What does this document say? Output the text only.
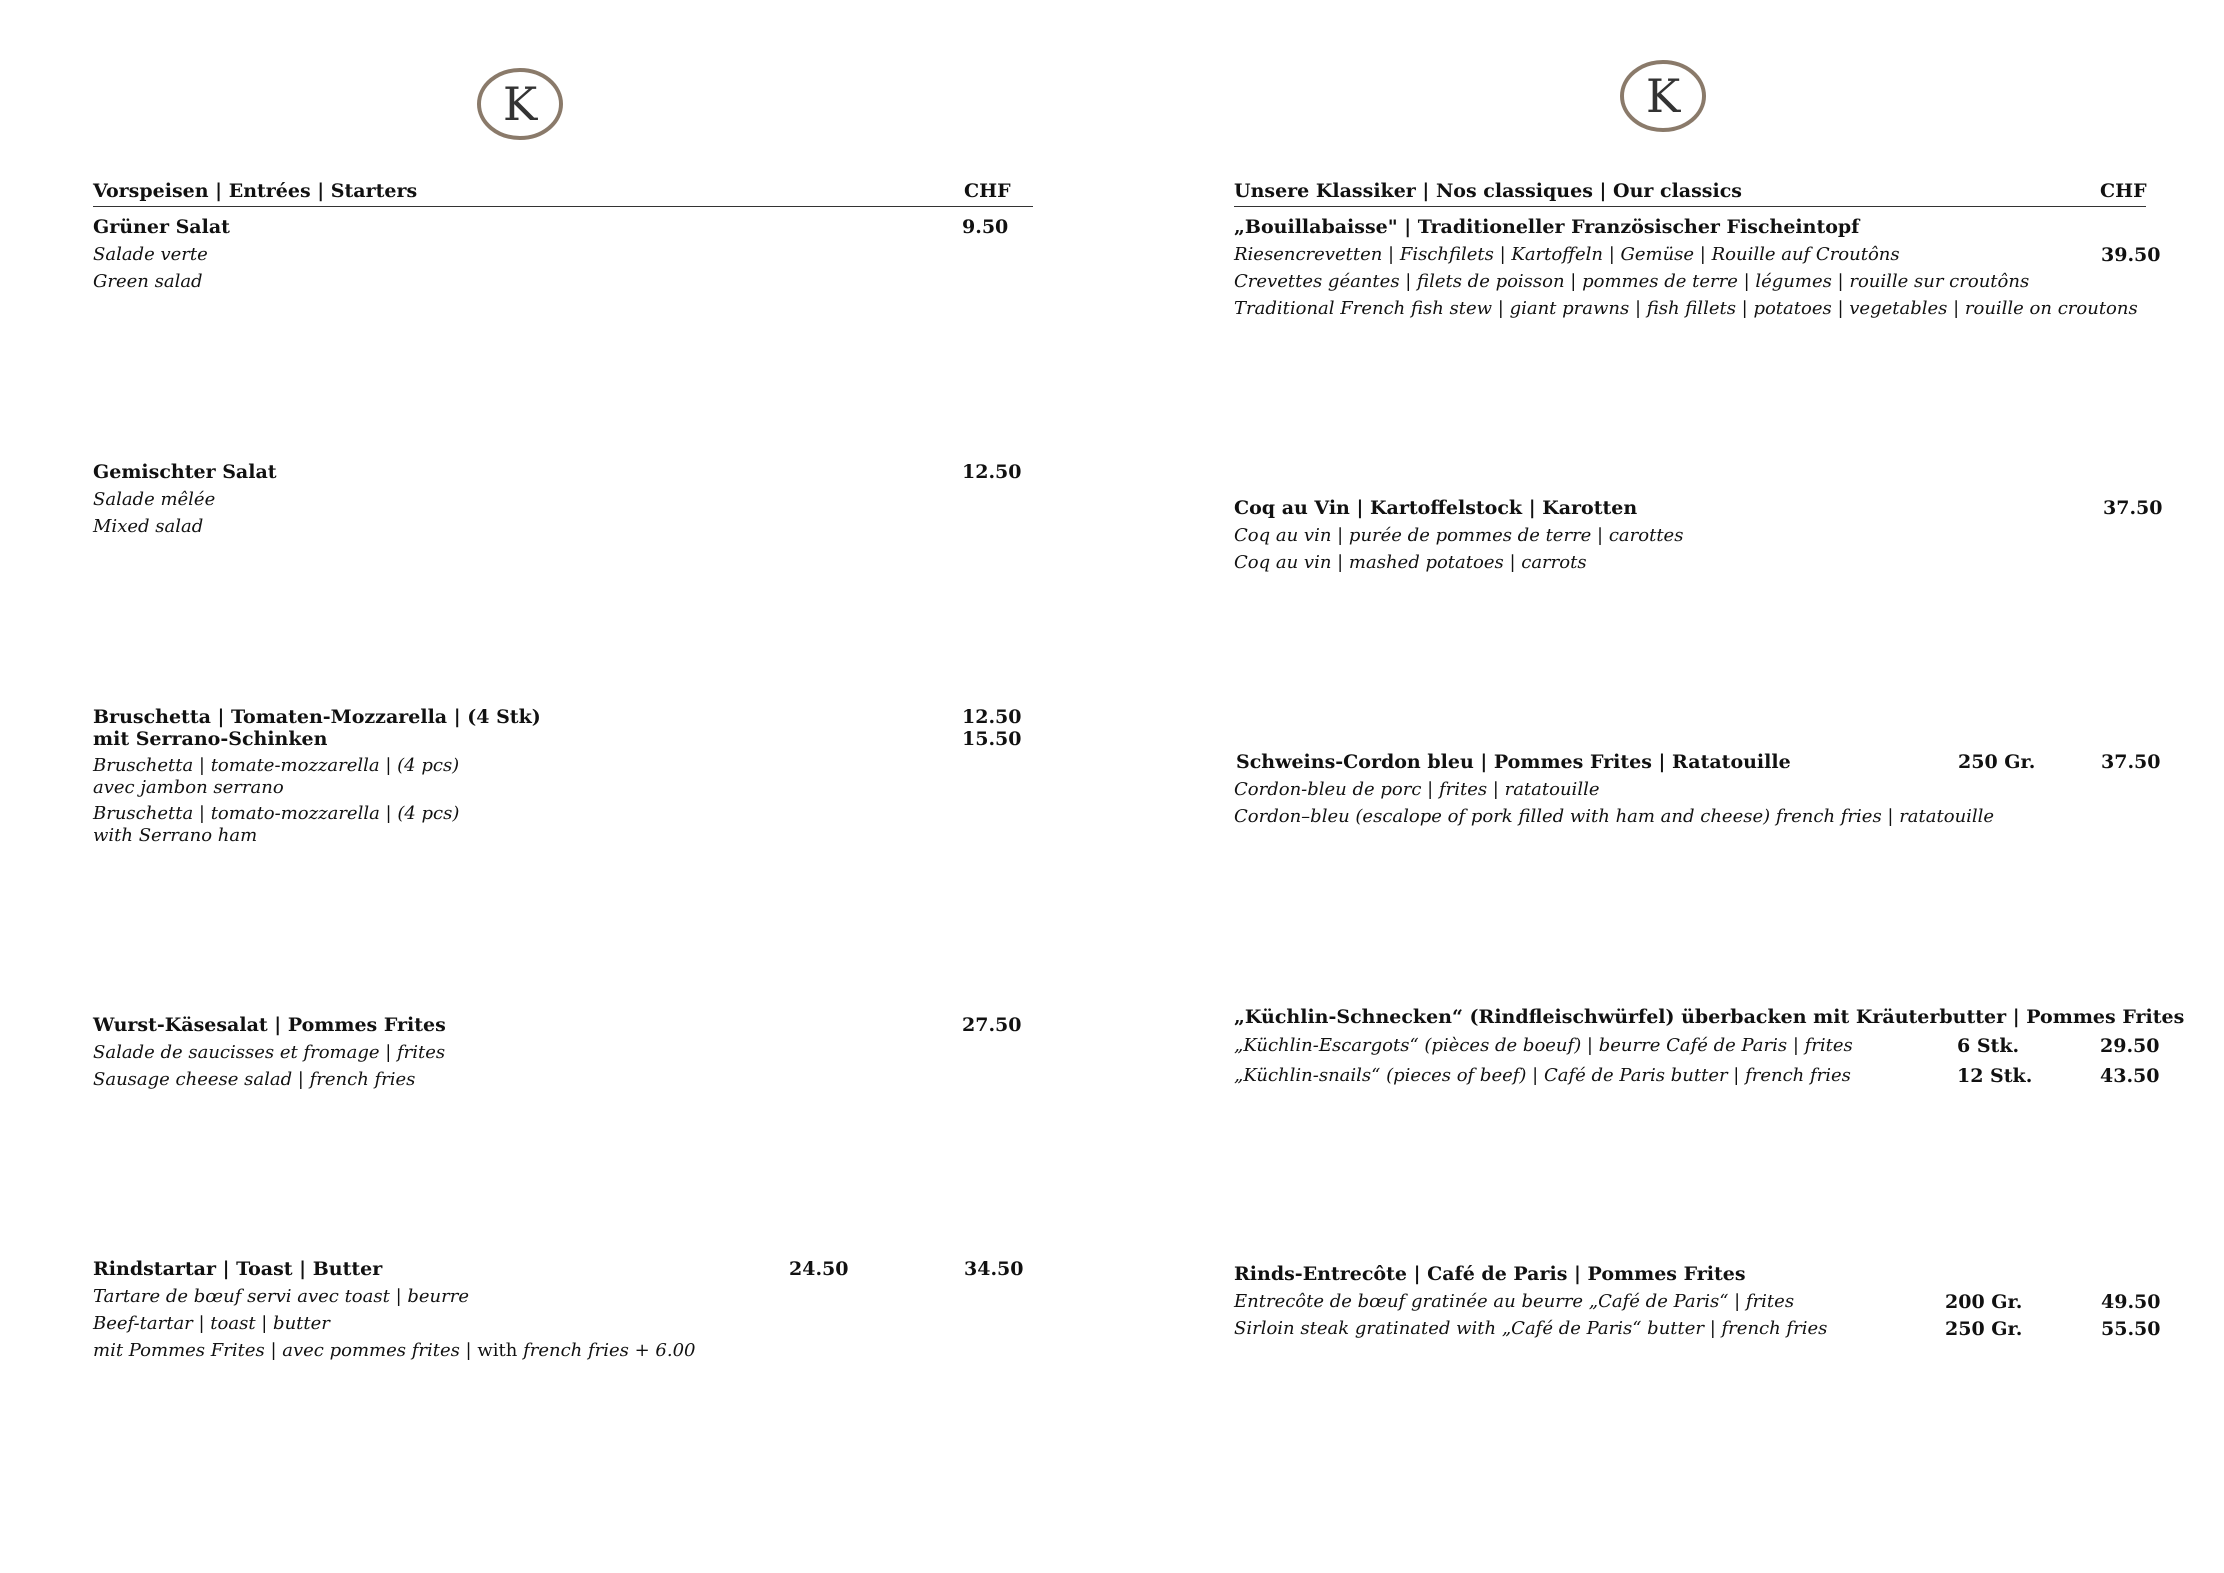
K
Vorspeisen | Entrées | Starters	CHF
Grüner Salat	9.50
Salade verte
Green salad
Gemischter Salat	12.50
Salade mêlée
Mixed salad
Bruschetta | Tomaten-Mozzarella | (4 Stk)	12.50
mit Serrano-Schinken	15.50
Bruschetta | tomate-mozzarella | (4 pcs)
avec jambon serrano
Bruschetta | tomato-mozzarella | (4 pcs)
with Serrano ham
Wurst-Käsesalat | Pommes Frites	27.50
Salade de saucisses et fromage | frites
Sausage cheese salad | french fries
Rindstartar | Toast | Butter	24.50	34.50
Tartare de bœuf servi avec toast | beurre
Beef-tartar | toast | butter
mit Pommes Frites | avec pommes frites | with french fries + 6.00
K
Unsere Klassiker | Nos classiques | Our classics	CHF
„Bouillabaisse" | Traditioneller Französischer Fischeintopf
Riesencrevetten | Fischfilets | Kartoffeln | Gemüse | Rouille auf Croutôns	39.50
Crevettes géantes | filets de poisson | pommes de terre | légumes | rouille sur croutôns
Traditional French fish stew | giant prawns | fish fillets | potatoes | vegetables | rouille on croutons
Coq au Vin | Kartoffelstock | Karotten	37.50
Coq au vin | purée de pommes de terre | carottes
Coq au vin | mashed potatoes | carrots
Schweins-Cordon bleu | Pommes Frites | Ratatouille	250 Gr.	37.50
Cordon-bleu de porc | frites | ratatouille
Cordon–bleu (escalope of pork filled with ham and cheese) french fries | ratatouille
„Küchlin-Schnecken“ (Rindfleischwürfel) überbacken mit Kräuterbutter | Pommes Frites
„Küchlin-Escargots“ (pièces de boeuf) | beurre Café de Paris | frites	6 Stk.	29.50
„Küchlin-snails“ (pieces of beef) | Café de Paris butter | french fries	12 Stk.	43.50
Rinds-Entrecôte | Café de Paris | Pommes Frites
Entrecôte de bœuf gratinée au beurre „Café de Paris“ | frites	200 Gr.	49.50
Sirloin steak gratinated with „Café de Paris“ butter | french fries	250 Gr.	55.50
